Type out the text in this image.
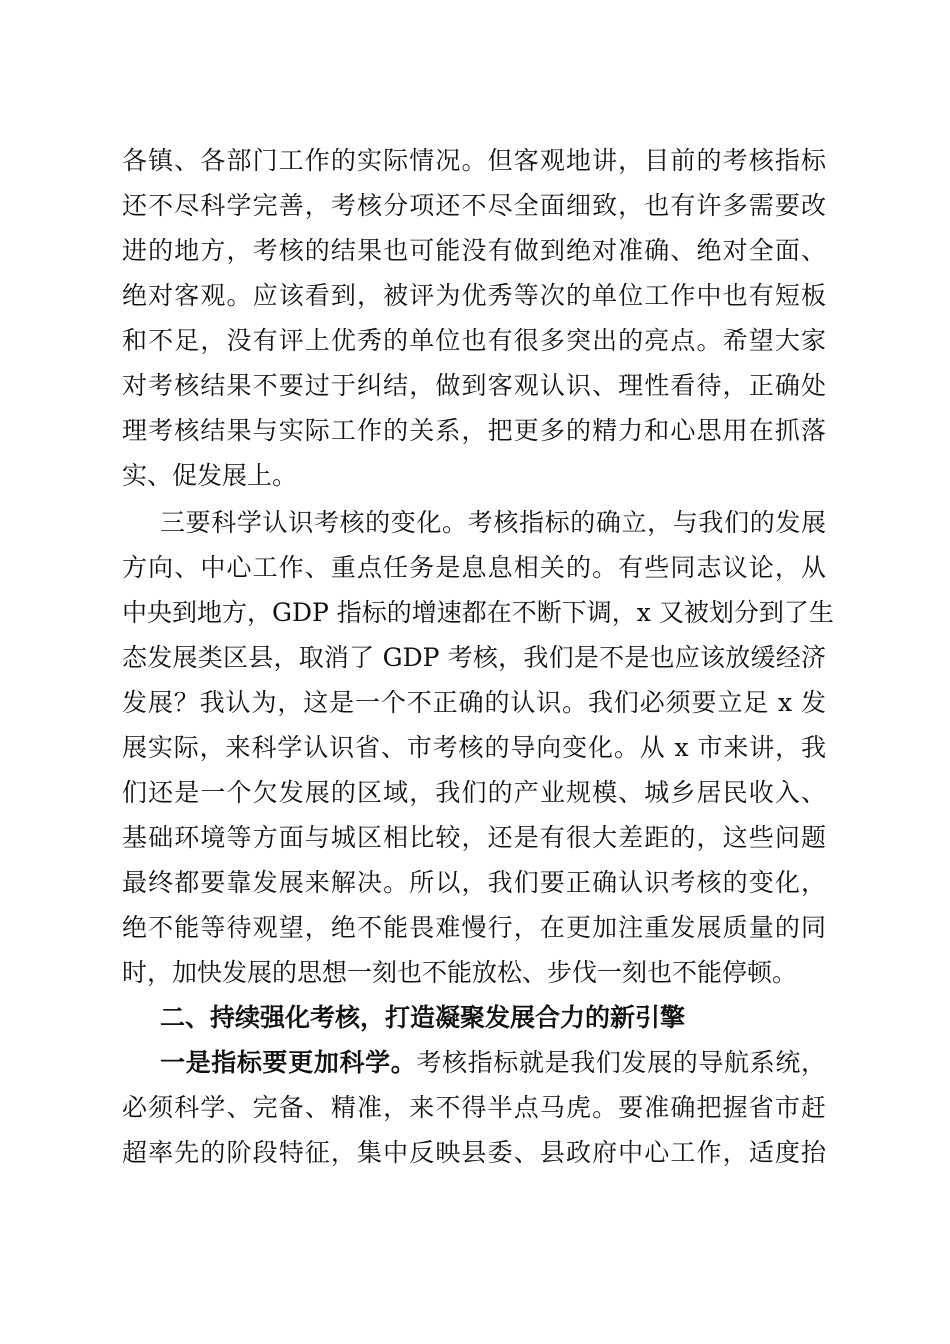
各镇、各部门工作的实际情况。但客观地讲，目前的考核指标
还不尽科学完善，考核分项还不尽全面细致，也有许多需要改
进的地方，考核的结果也可能没有做到绝对准确、绝对全面、
绝对客观。应该看到，被评为优秀等次的单位工作中也有短板
和不足，没有评上优秀的单位也有很多突出的亮点。希望大家
对考核结果不要过于纠结，做到客观认识、理性看待，正确处
理考核结果与实际工作的关系，把更多的精力和心思用在抓落
实、促发展上。
三要科学认识考核的变化。考核指标的确立，与我们的发展
方向、中心工作、重点任务是息息相关的。有些同志议论，从
中央到地方，GDP 指标的增速都在不断下调，x 又被划分到了生
态发展类区县，取消了 GDP 考核，我们是不是也应该放缓经济
发展？我认为，这是一个不正确的认识。我们必须要立足 x 发
展实际，来科学认识省、市考核的导向变化。从 x 市来讲，我
们还是一个欠发展的区域，我们的产业规模、城乡居民收入、
基础环境等方面与城区相比较，还是有很大差距的，这些问题
最终都要靠发展来解决。所以，我们要正确认识考核的变化，
绝不能等待观望，绝不能畏难慢行，在更加注重发展质量的同
时，加快发展的思想一刻也不能放松、步伐一刻也不能停顿。
二、持续强化考核，打造凝聚发展合力的新引擎
一是指标要更加科学。考核指标就是我们发展的导航系统，
必须科学、完备、精准，来不得半点马虎。要准确把握省市赶
超率先的阶段特征，集中反映县委、县政府中心工作，适度抬
